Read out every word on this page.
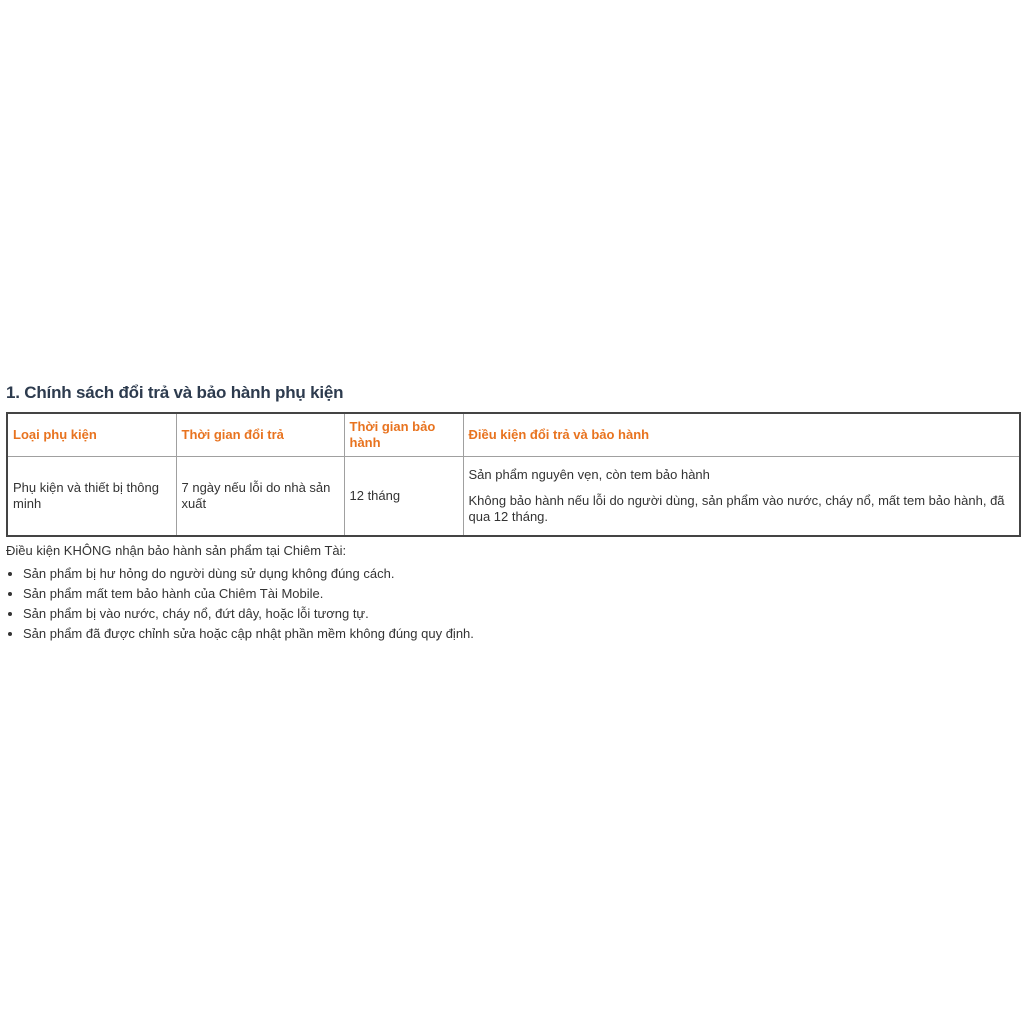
1. Chính sách đổi trả và bảo hành phụ kiện
Loại phụ kiện	Thời gian đổi trả	Thời gian bảo hành	Điều kiện đổi trả và bảo hành
Phụ kiện và thiết bị thông minh	7 ngày nếu lỗi do nhà sản xuất	12 tháng	Sản phẩm nguyên vẹn, còn tem bảo hành

Không bảo hành nếu lỗi do người dùng, sản phẩm vào nước, cháy nổ, mất tem bảo hành, đã qua 12 tháng.

Điều kiện KHÔNG nhận bảo hành sản phẩm tại Chiêm Tài:

• Sản phẩm bị hư hỏng do người dùng sử dụng không đúng cách.
• Sản phẩm mất tem bảo hành của Chiêm Tài Mobile.
• Sản phẩm bị vào nước, cháy nổ, đứt dây, hoặc lỗi tương tự.
• Sản phẩm đã được chỉnh sửa hoặc cập nhật phần mềm không đúng quy định.
